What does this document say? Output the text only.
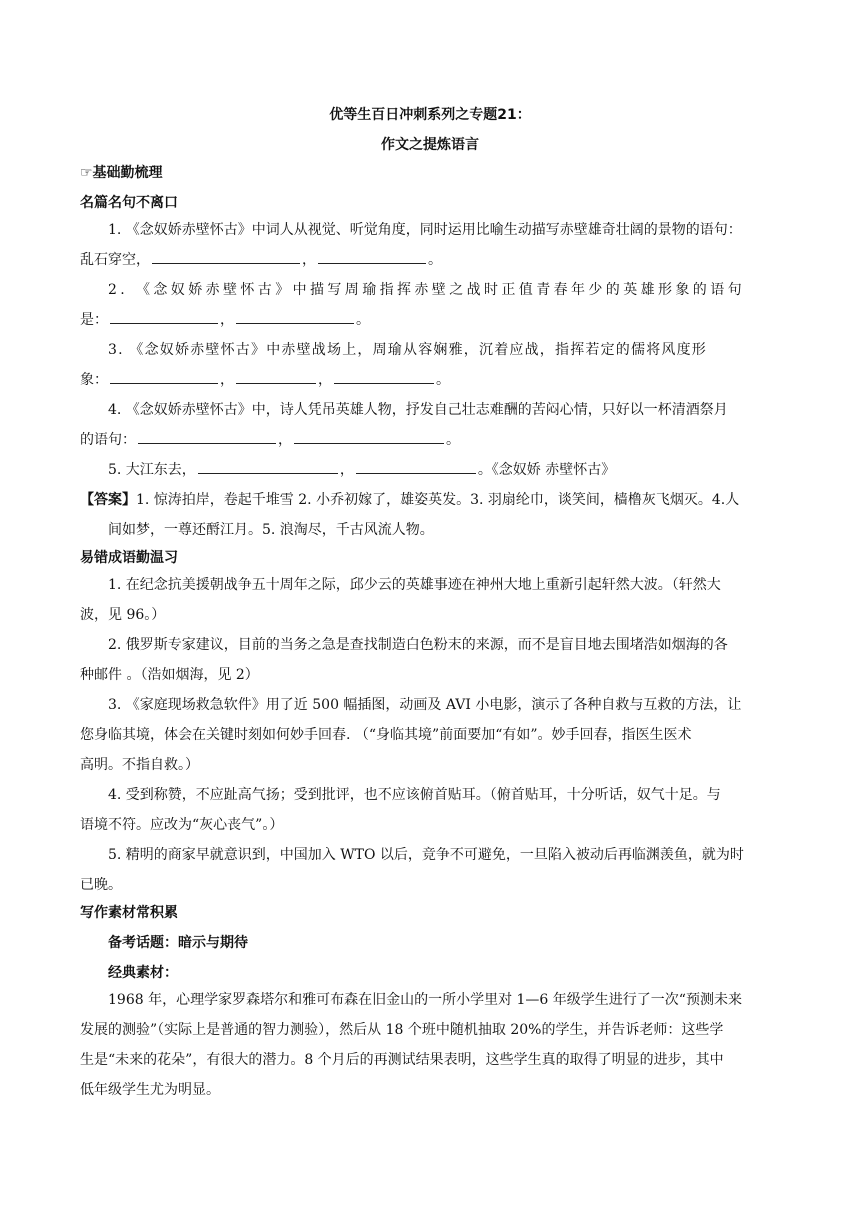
优等生百日冲刺系列之专题21：
作文之提炼语言
☞基础勤梳理
名篇名句不离口
1. 《念奴娇赤壁怀古》中词人从视觉、听觉角度，同时运用比喻生动描写赤壁雄奇壮阔的景物的语句：
乱石穿空，	，	。
2. 《念奴娇赤壁怀古》中描写周瑜指挥赤壁之战时正值青春年少的英雄形象的语句
是：	，	。
3. 《念奴娇赤壁怀古》中赤壁战场上，周瑜从容娴雅，沉着应战，指挥若定的儒将风度形
象：	，	，	。
4. 《念奴娇赤壁怀古》中，诗人凭吊英雄人物，抒发自己壮志难酬的苦闷心情，只好以一杯清酒祭月
的语句：	，	。
5. 大江东去，	，	。《念奴娇 赤壁怀古》
【答案】1. 惊涛拍岸，卷起千堆雪 2. 小乔初嫁了，雄姿英发。3. 羽扇纶巾，谈笑间，樯橹灰飞烟灭。4.人
间如梦，一尊还酹江月。5. 浪淘尽，千古风流人物。
易错成语勤温习
1. 在纪念抗美援朝战争五十周年之际，邱少云的英雄事迹在神州大地上重新引起轩然大波。（轩然大
波，见 96。）
2. 俄罗斯专家建议，目前的当务之急是查找制造白色粉末的来源，而不是盲目地去围堵浩如烟海的各
种邮件 。（浩如烟海，见 2）
3. 《家庭现场救急软件》用了近 500 幅插图，动画及 AVI 小电影，演示了各种自救与互救的方法，让
您身临其境，体会在关键时刻如何妙手回春. （“身临其境”前面要加“有如”。妙手回春，指医生医术
高明。不指自救。）
4. 受到称赞，不应趾高气扬；受到批评，也不应该俯首贴耳。（俯首贴耳，十分听话，奴气十足。与
语境不符。应改为“灰心丧气”。）
5. 精明的商家早就意识到，中国加入 WTO 以后，竞争不可避免，一旦陷入被动后再临渊羡鱼，就为时
已晚。
写作素材常积累
备考话题：暗示与期待
经典素材：
1968 年，心理学家罗森塔尔和雅可布森在旧金山的一所小学里对 1—6 年级学生进行了一次“预测未来
发展的测验”（实际上是普通的智力测验），然后从 18 个班中随机抽取 20%的学生，并告诉老师：这些学
生是“未来的花朵”，有很大的潜力。8 个月后的再测试结果表明，这些学生真的取得了明显的进步，其中
低年级学生尤为明显。
